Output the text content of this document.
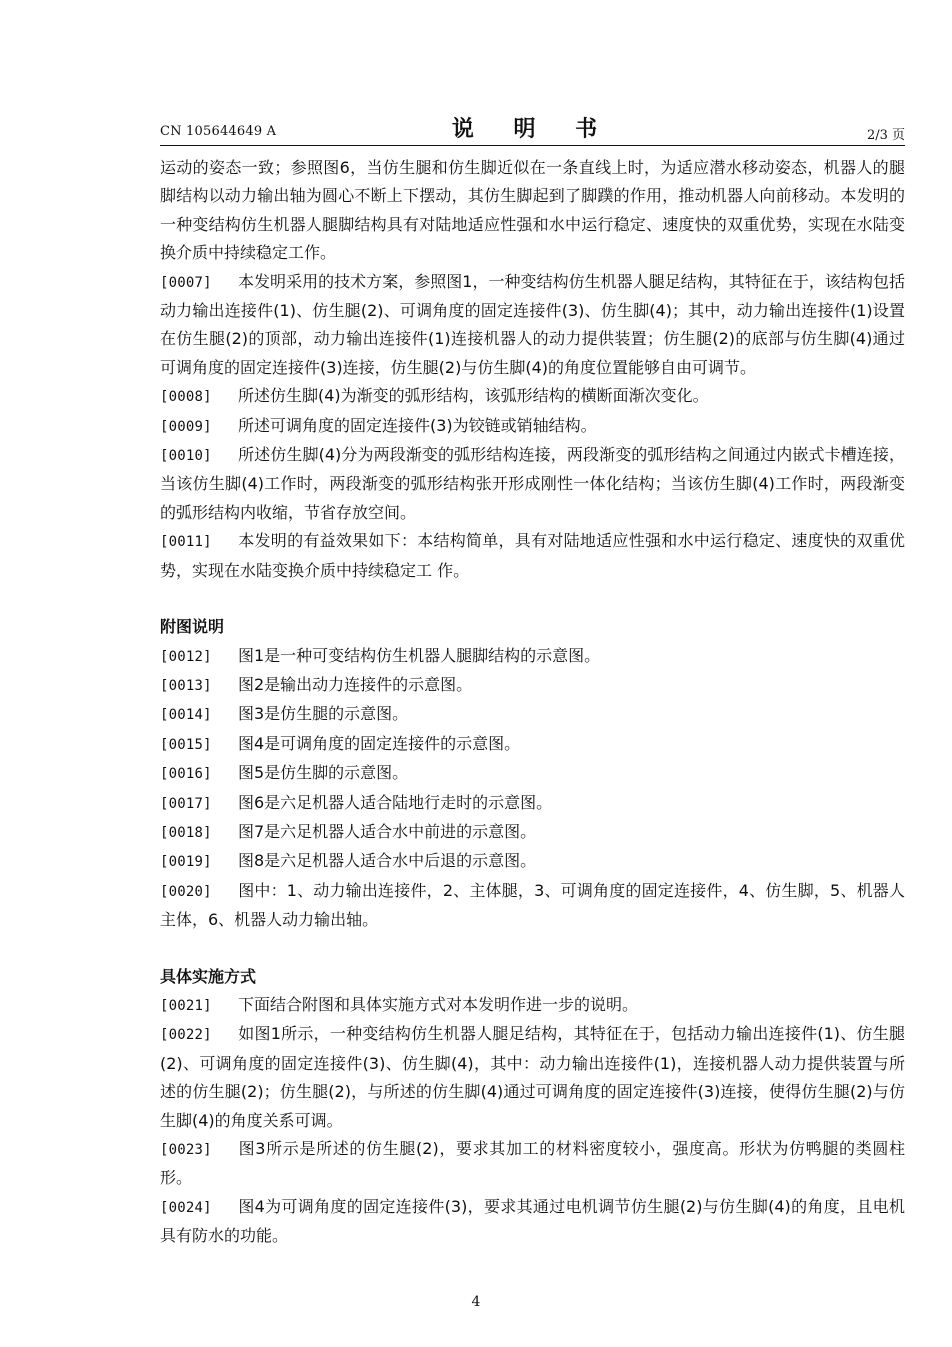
CN 105644649 A	说 明 书	2/3 页

运动的姿态一致；参照图6，当仿生腿和仿生脚近似在一条直线上时，为适应潜水移动姿态，机器人的腿脚结构以动力输出轴为圆心不断上下摆动，其仿生脚起到了脚蹼的作用，推动机器人向前移动。本发明的一种变结构仿生机器人腿脚结构具有对陆地适应性强和水中运行稳定、速度快的双重优势，实现在水陆变换介质中持续稳定工作。

[0007] 本发明采用的技术方案，参照图1，一种变结构仿生机器人腿足结构，其特征在于，该结构包括动力输出连接件(1)、仿生腿(2)、可调角度的固定连接件(3)、仿生脚(4)；其中，动力输出连接件(1)设置在仿生腿(2)的顶部，动力输出连接件(1)连接机器人的动力提供装置；仿生腿(2)的底部与仿生脚(4)通过可调角度的固定连接件(3)连接，仿生腿(2)与仿生脚(4)的角度位置能够自由可调节。

[0008] 所述仿生脚(4)为渐变的弧形结构，该弧形结构的横断面渐次变化。

[0009] 所述可调角度的固定连接件(3)为铰链或销轴结构。

[0010] 所述仿生脚(4)分为两段渐变的弧形结构连接，两段渐变的弧形结构之间通过内嵌式卡槽连接，当该仿生脚(4)工作时，两段渐变的弧形结构张开形成刚性一体化结构；当该仿生脚(4)工作时，两段渐变的弧形结构内收缩，节省存放空间。

[0011] 本发明的有益效果如下：本结构简单，具有对陆地适应性强和水中运行稳定、速度快的双重优势，实现在水陆变换介质中持续稳定工 作。

附图说明

[0012] 图1是一种可变结构仿生机器人腿脚结构的示意图。

[0013] 图2是输出动力连接件的示意图。

[0014] 图3是仿生腿的示意图。

[0015] 图4是可调角度的固定连接件的示意图。

[0016] 图5是仿生脚的示意图。

[0017] 图6是六足机器人适合陆地行走时的示意图。

[0018] 图7是六足机器人适合水中前进的示意图。

[0019] 图8是六足机器人适合水中后退的示意图。

[0020] 图中：1、动力输出连接件，2、主体腿，3、可调角度的固定连接件，4、仿生脚，5、机器人主体，6、机器人动力输出轴。

具体实施方式

[0021] 下面结合附图和具体实施方式对本发明作进一步的说明。

[0022] 如图1所示，一种变结构仿生机器人腿足结构，其特征在于，包括动力输出连接件(1)、仿生腿(2)、可调角度的固定连接件(3)、仿生脚(4)，其中：动力输出连接件(1)，连接机器人动力提供装置与所述的仿生腿(2)；仿生腿(2)，与所述的仿生脚(4)通过可调角度的固定连接件(3)连接，使得仿生腿(2)与仿生脚(4)的角度关系可调。

[0023] 图3所示是所述的仿生腿(2)，要求其加工的材料密度较小，强度高。形状为仿鸭腿的类圆柱形。

[0024] 图4为可调角度的固定连接件(3)，要求其通过电机调节仿生腿(2)与仿生脚(4)的角度，且电机具有防水的功能。

4
